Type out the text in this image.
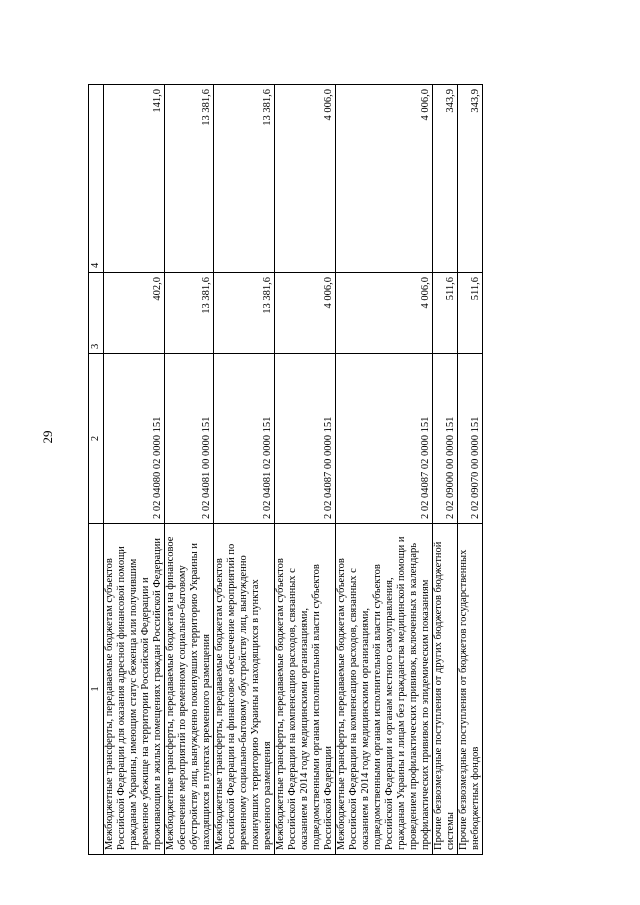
29
1	2	3	4
Межбюджетные трансферты, передаваемые бюджетам субъектов Российской Федерации для оказания адресной финансовой помощи гражданам Украины, имеющим статус беженца или получившим временное убежище на территории Российской Федерации и проживающим в жилых помещениях граждан Российской Федерации	2 02 04080 02 0000 151	402,0	141,0
Межбюджетные трансферты, передаваемые бюджетам на финансовое обеспечение мероприятий по временному социально-бытовому обустройству лиц, вынужденно покинувших территорию Украины и находящихся в пунктах временного размещения	2 02 04081 00 0000 151	13 381,6	13 381,6
Межбюджетные трансферты, передаваемые бюджетам субъектов Российской Федерации на финансовое обеспечение мероприятий по временному социально-бытовому обустройству лиц, вынужденно покинувших территорию Украины и находящихся в пунктах временного размещения	2 02 04081 02 0000 151	13 381,6	13 381,6
Межбюджетные трансферты, передаваемые бюджетам субъектов Российской Федерации на компенсацию расходов, связанных с оказанием в 2014 году медицинскими организациями, подведомственными органам исполнительной власти субъектов Российской Федерации	2 02 04087 00 0000 151	4 006,0	4 006,0
Межбюджетные трансферты, передаваемые бюджетам субъектов Российской Федерации на компенсацию расходов, связанных с оказанием в 2014 году медицинскими организациями, подведомственными органам исполнительной власти субъектов Российской Федерации и органам местного самоуправления, гражданам Украины и лицам без гражданства медицинской помощи и проведением профилактических прививок, включенных в календарь профилактических прививок по эпидемическим показаниям	2 02 04087 02 0000 151	4 006,0	4 006,0
Прочие безвозмездные поступления от других бюджетов бюджетной системы	2 02 09000 00 0000 151	511,6	343,9
Прочие безвозмездные поступления от бюджетов государственных внебюджетных фондов	2 02 09070 00 0000 151	511,6	343,9
